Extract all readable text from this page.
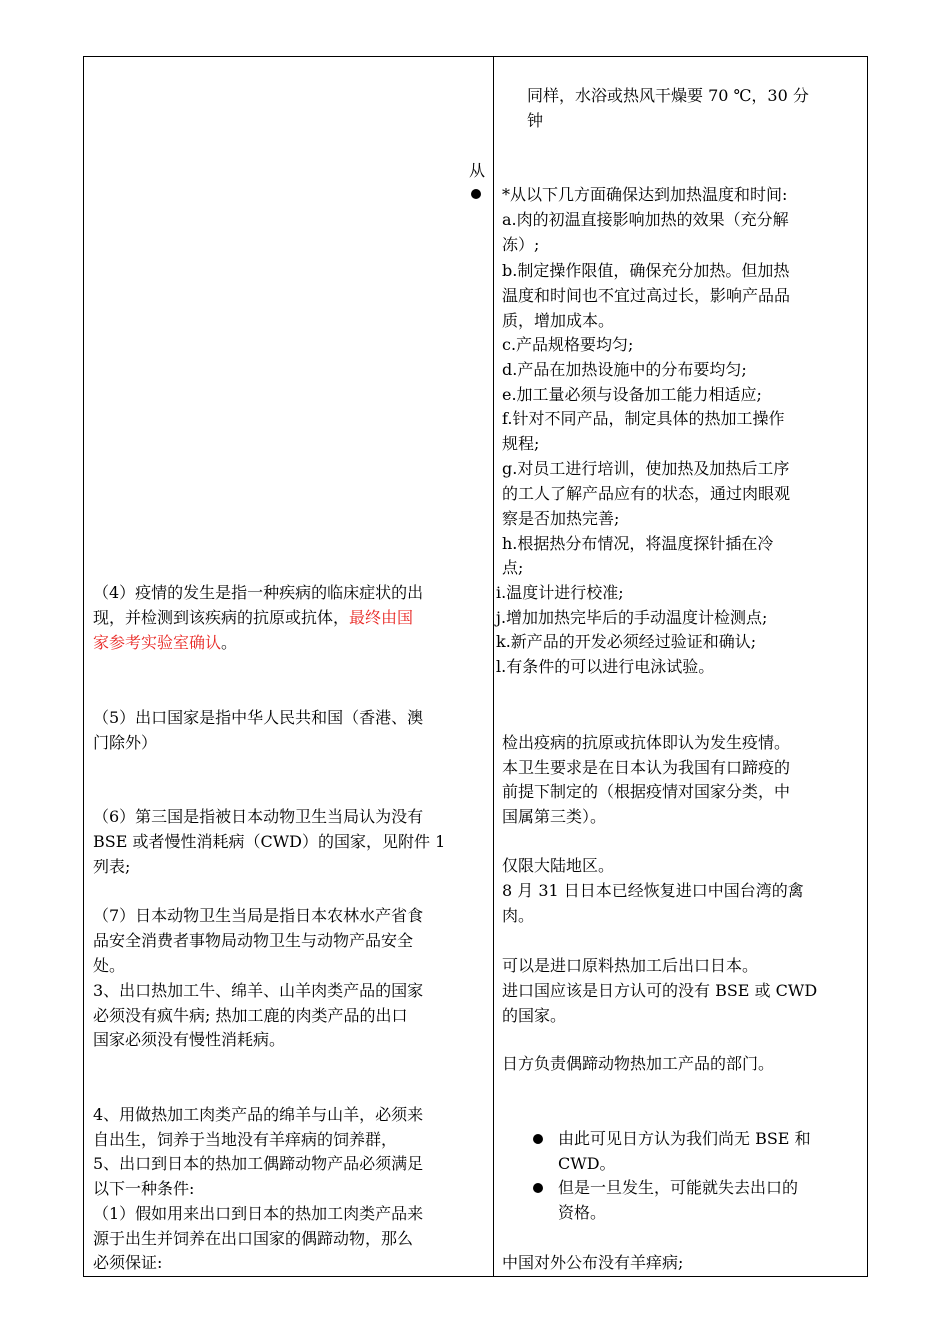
同样，水浴或热风干燥要 70 ℃，30 分
钟
*从以下几方面确保达到加热温度和时间:
a.肉的初温直接影响加热的效果（充分解
冻）;
b.制定操作限值，确保充分加热。但加热
温度和时间也不宜过高过长，影响产品品
质，增加成本。
c.产品规格要均匀;
d.产品在加热设施中的分布要均匀;
e.加工量必须与设备加工能力相适应;
f.针对不同产品，制定具体的热加工操作
规程;
g.对员工进行培训，使加热及加热后工序
的工人了解产品应有的状态，通过肉眼观
察是否加热完善;
h.根据热分布情况，将温度探针插在冷
点;
i.温度计进行校准;
j.增加加热完毕后的手动温度计检测点;
k.新产品的开发必须经过验证和确认;
l.有条件的可以进行电泳试验。
检出疫病的抗原或抗体即认为发生疫情。
本卫生要求是在日本认为我国有口蹄疫的
前提下制定的（根据疫情对国家分类，中
国属第三类）。
仅限大陆地区。
8 月 31 日日本已经恢复进口中国台湾的禽
肉。
可以是进口原料热加工后出口日本。
进口国应该是日方认可的没有 BSE 或 CWD
的国家。
日方负责偶蹄动物热加工产品的部门。
由此可见日方认为我们尚无 BSE 和
CWD。
但是一旦发生，可能就失去出口的
资格。
中国对外公布没有羊痒病;
从
（4）疫情的发生是指一种疾病的临床症状的出
现，并检测到该疾病的抗原或抗体，最终由国
家参考实验室确认。
（5）出口国家是指中华人民共和国（香港、澳
门除外）
（6）第三国是指被日本动物卫生当局认为没有
BSE 或者慢性消耗病（CWD）的国家，见附件 1
列表;
（7）日本动物卫生当局是指日本农林水产省食
品安全消费者事物局动物卫生与动物产品安全
处。
3、出口热加工牛、绵羊、山羊肉类产品的国家
必须没有疯牛病; 热加工鹿的肉类产品的出口
国家必须没有慢性消耗病。
4、用做热加工肉类产品的绵羊与山羊，必须来
自出生，饲养于当地没有羊痒病的饲养群，
5、出口到日本的热加工偶蹄动物产品必须满足
以下一种条件:
（1）假如用来出口到日本的热加工肉类产品来
源于出生并饲养在出口国家的偶蹄动物，那么
必须保证:
